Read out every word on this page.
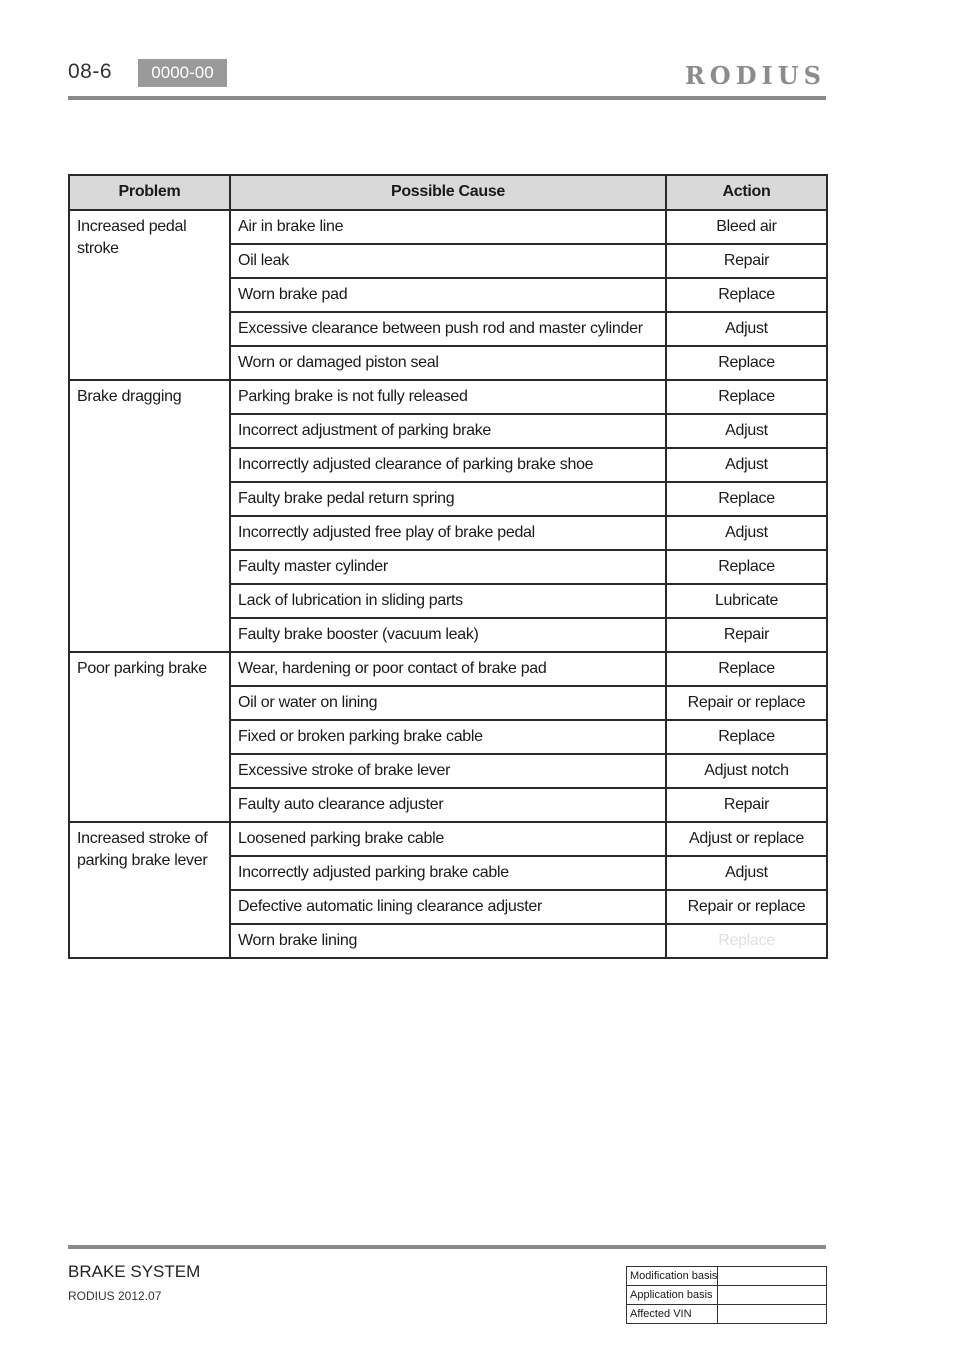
08-6	0000-00	RODIUS
Problem	Possible Cause	Action
Increased pedal stroke	Air in brake line	Bleed air
	Oil leak	Repair
	Worn brake pad	Replace
	Excessive clearance between push rod and master cylinder	Adjust
	Worn or damaged piston seal	Replace
Brake dragging	Parking brake is not fully released	Replace
	Incorrect adjustment of parking brake	Adjust
	Incorrectly adjusted clearance of parking brake shoe	Adjust
	Faulty brake pedal return spring	Replace
	Incorrectly adjusted free play of brake pedal	Adjust
	Faulty master cylinder	Replace
	Lack of lubrication in sliding parts	Lubricate
	Faulty brake booster (vacuum leak)	Repair
Poor parking brake	Wear, hardening or poor contact of brake pad	Replace
	Oil or water on lining	Repair or replace
	Fixed or broken parking brake cable	Replace
	Excessive stroke of brake lever	Adjust notch
	Faulty auto clearance adjuster	Repair
Increased stroke of parking brake lever	Loosened parking brake cable	Adjust or replace
	Incorrectly adjusted parking brake cable	Adjust
	Defective automatic lining clearance adjuster	Repair or replace
	Worn brake lining	Replace
BRAKE SYSTEM
RODIUS 2012.07
Modification basis	
Application basis	
Affected VIN	
